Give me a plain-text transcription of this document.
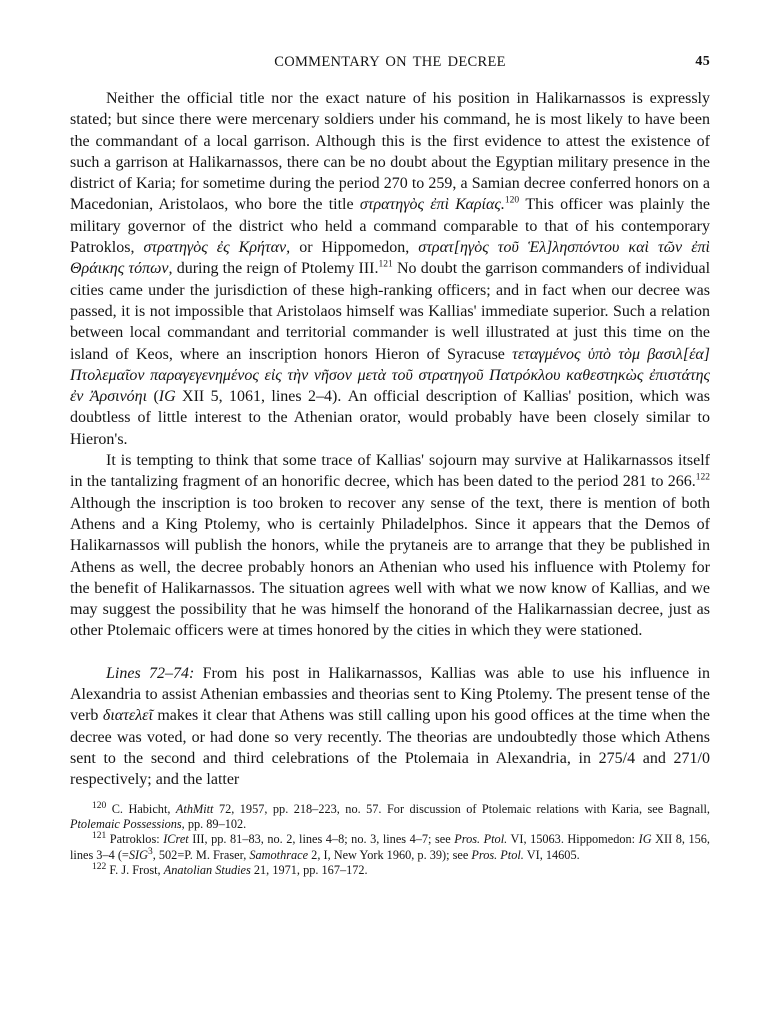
COMMENTARY ON THE DECREE	45

Neither the official title nor the exact nature of his position in Halikarnassos is expressly stated; but since there were mercenary soldiers under his command, he is most likely to have been the commandant of a local garrison. Although this is the first evidence to attest the existence of such a garrison at Halikarnassos, there can be no doubt about the Egyptian military presence in the district of Karia; for sometime during the period 270 to 259, a Samian decree conferred honors on a Macedonian, Aristolaos, who bore the title στρατηγὸς ἐπὶ Καρίας.$^{120}$ This officer was plainly the military governor of the district who held a command comparable to that of his contemporary Patroklos, στρατηγὸς ἐς Κρήταν, or Hippomedon, στρατ[ηγὸς τοῦ Ἑλ]λησπόντου καὶ τῶν ἐπὶ Θράικης τόπων, during the reign of Ptolemy III.$^{121}$ No doubt the garrison commanders of individual cities came under the jurisdiction of these high-ranking officers; and in fact when our decree was passed, it is not impossible that Aristolaos himself was Kallias' immediate superior. Such a relation between local commandant and territorial commander is well illustrated at just this time on the island of Keos, where an inscription honors Hieron of Syracuse τεταγμένος ὑπὸ τὸμ βασιλ[έα] Πτολεμαῖον παραγεγενημένος εἰς τὴν νῆσον μετὰ τοῦ στρατηγοῦ Πατρόκλου καθεστηκὼς ἐπιστάτης ἐν Ἀρσινόηι (IG XII 5, 1061, lines 2–4). An official description of Kallias' position, which was doubtless of little interest to the Athenian orator, would probably have been closely similar to Hieron's.

It is tempting to think that some trace of Kallias' sojourn may survive at Halikarnassos itself in the tantalizing fragment of an honorific decree, which has been dated to the period 281 to 266.$^{122}$ Although the inscription is too broken to recover any sense of the text, there is mention of both Athens and a King Ptolemy, who is certainly Philadelphos. Since it appears that the Demos of Halikarnassos will publish the honors, while the prytaneis are to arrange that they be published in Athens as well, the decree probably honors an Athenian who used his influence with Ptolemy for the benefit of Halikarnassos. The situation agrees well with what we now know of Kallias, and we may suggest the possibility that he was himself the honorand of the Halikarnassian decree, just as other Ptolemaic officers were at times honored by the cities in which they were stationed.

Lines 72–74: From his post in Halikarnassos, Kallias was able to use his influence in Alexandria to assist Athenian embassies and theorias sent to King Ptolemy. The present tense of the verb διατελεῖ makes it clear that Athens was still calling upon his good offices at the time when the decree was voted, or had done so very recently. The theorias are undoubtedly those which Athens sent to the second and third celebrations of the Ptolemaia in Alexandria, in 275/4 and 271/0 respectively; and the latter

$^{120}$ C. Habicht, AthMitt 72, 1957, pp. 218–223, no. 57. For discussion of Ptolemaic relations with Karia, see Bagnall, Ptolemaic Possessions, pp. 89–102.

$^{121}$ Patroklos: ICret III, pp. 81–83, no. 2, lines 4–8; no. 3, lines 4–7; see Pros. Ptol. VI, 15063. Hippomedon: IG XII 8, 156, lines 3–4 ($=SIG^3$, 502=P. M. Fraser, Samothrace 2, I, New York 1960, p. 39); see Pros. Ptol. VI, 14605.

$^{122}$ F. J. Frost, Anatolian Studies 21, 1971, pp. 167–172.
